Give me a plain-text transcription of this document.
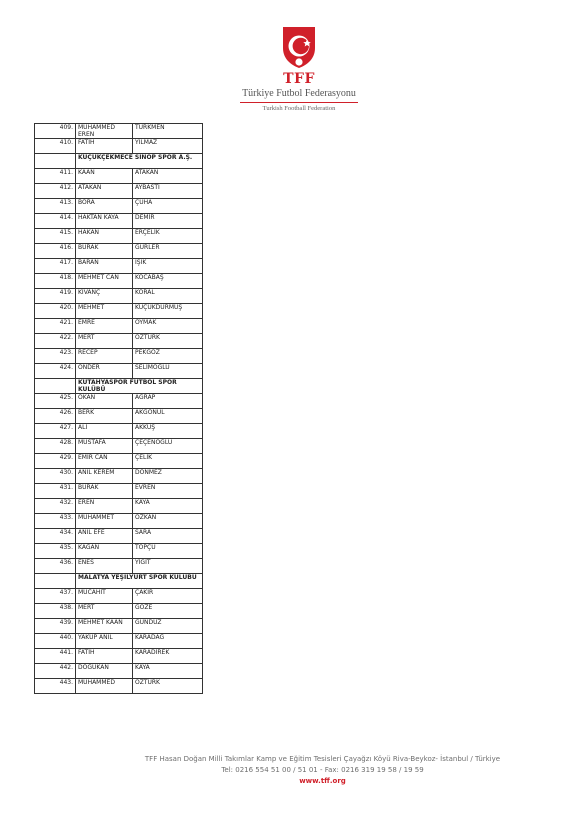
TFF
Türkiye Futbol Federasyonu
Turkish Football Federation
409.	MUHAMMED EREN	TÜRKMEN
410.	FATİH	YILMAZ
	KÜÇÜKÇEKMECE SİNOP SPOR A.Ş.	
411.	KAAN	ATAKAN
412.	ATAKAN	AYBASTI
413.	BORA	ÇUHA
414.	HAKTAN KAYA	DEMİR
415.	HAKAN	ERÇELİK
416.	BURAK	GÜRLER
417.	BARAN	IŞIK
418.	MEHMET CAN	KOCABAŞ
419.	KIVANÇ	KORAL
420.	MEHMET	KÜÇÜKDURMUŞ
421.	EMRE	OYMAK
422.	MERT	ÖZTÜRK
423.	RECEP	PEKGÖZ
424.	ÖNDER	SELİMOĞLU
	KÜTAHYASPOR FUTBOL SPOR KULÜBÜ	
425.	OKAN	AĞRAP
426.	BERK	AKGÖNÜL
427.	ALİ	AKKUŞ
428.	MUSTAFA	ÇEÇENOĞLU
429.	EMİR CAN	ÇELİK
430.	ANIL KEREM	DÖNMEZ
431.	BURAK	EVREN
432.	EREN	KAYA
433.	MUHAMMET	ÖZKAN
434.	ANIL EFE	SARA
435.	KAĞAN	TOPÇU
436.	ENES	YİĞİT
	MALATYA YEŞİLYURT SPOR KULÜBÜ	
437.	MÜCAHİT	ÇAKIR
438.	MERT	GÖZE
439.	MEHMET KAAN	GÜNDÜZ
440.	YAKUP ANIL	KARADAĞ
441.	FATİH	KARADİREK
442.	DOĞUKAN	KAYA
443.	MUHAMMED	ÖZTÜRK
TFF Hasan Doğan Milli Takımlar Kamp ve Eğitim Tesisleri Çayağzı Köyü Riva-Beykoz- İstanbul / Türkiye
Tel: 0216 554 51 00 / 51 01 - Fax: 0216 319 19 58 / 19 59
www.tff.org
